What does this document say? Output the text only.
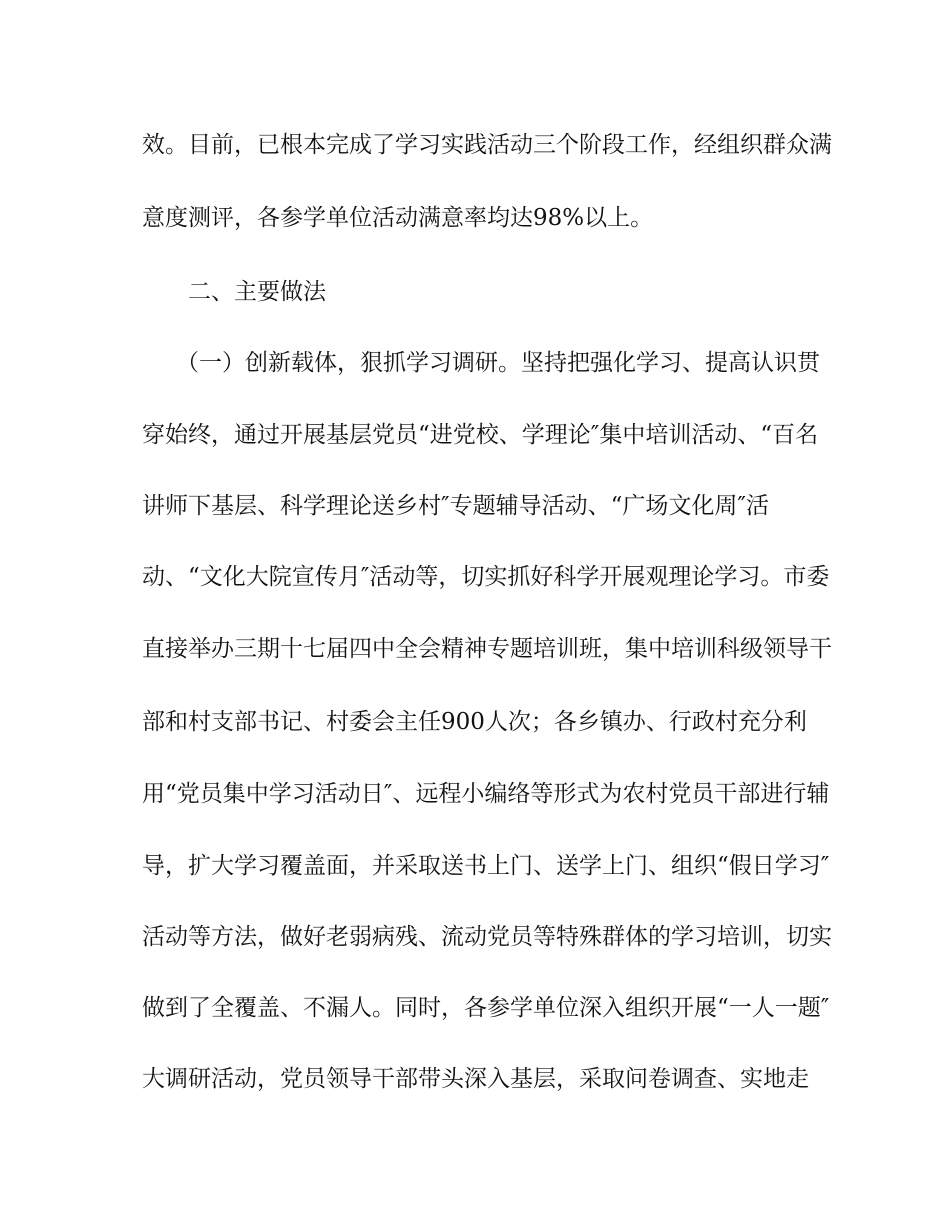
效。目前，已根本完成了学习实践活动三个阶段工作，经组织群众满
意度测评，各参学单位活动满意率均达98%以上。
二、主要做法
（一）创新载体，狠抓学习调研。坚持把强化学习、提高认识贯
穿始终，通过开展基层党员“进党校、学理论″集中培训活动、“百名
讲师下基层、科学理论送乡村″专题辅导活动、“广场文化周″活
动、“文化大院宣传月″活动等，切实抓好科学开展观理论学习。市委
直接举办三期十七届四中全会精神专题培训班，集中培训科级领导干
部和村支部书记、村委会主任900人次；各乡镇办、行政村充分利
用“党员集中学习活动日″、远程小编络等形式为农村党员干部进行辅
导，扩大学习覆盖面，并采取送书上门、送学上门、组织“假日学习″
活动等方法，做好老弱病残、流动党员等特殊群体的学习培训，切实
做到了全覆盖、不漏人。同时，各参学单位深入组织开展“一人一题″
大调研活动，党员领导干部带头深入基层，采取问卷调查、实地走
